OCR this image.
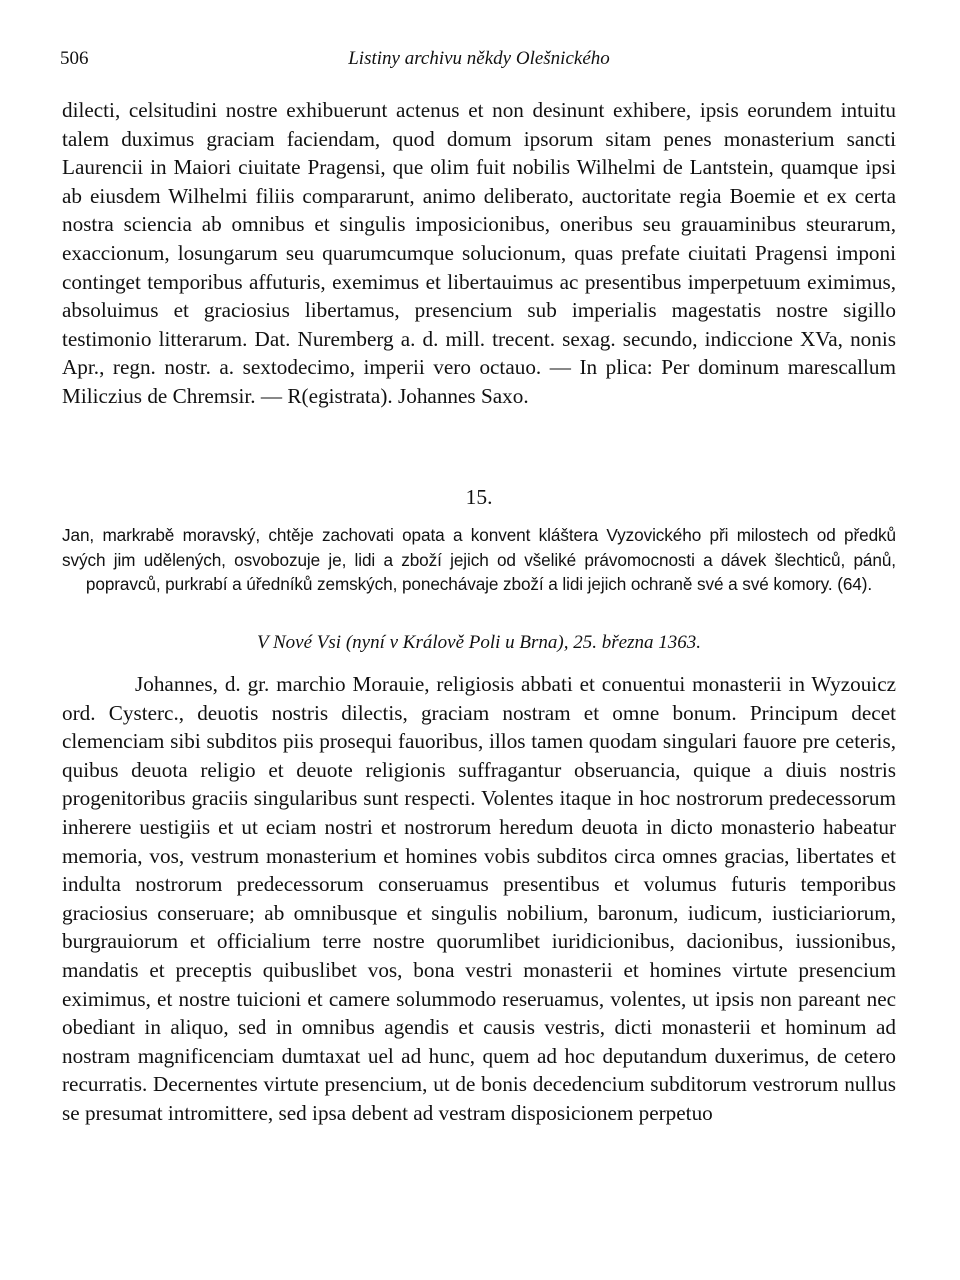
506	Listiny archivu někdy Olešnického

dilecti, celsitudini nostre exhibuerunt actenus et non desinunt exhibere, ipsis eorundem intuitu talem duximus graciam faciendam, quod domum ipsorum sitam penes monasterium sancti Laurencii in Maiori ciuitate Pragensi, que olim fuit nobilis Wilhelmi de Lantstein, quamque ipsi ab eiusdem Wilhelmi filiis compararunt, animo deliberato, auctoritate regia Boemie et ex certa nostra sciencia ab omnibus et singulis imposicionibus, oneribus seu grauaminibus steurarum, exaccionum, losungarum seu quarumcumque solucionum, quas prefate ciuitati Pragensi imponi continget temporibus affuturis, exemimus et libertauimus ac presentibus imperpetuum eximimus, absoluimus et graciosius libertamus, presencium sub imperialis magestatis nostre sigillo testimonio litterarum. Dat. Nuremberg a. d. mill. trecent. sexag. secundo, indiccione XVa, nonis Apr., regn. nostr. a. sextodecimo, imperii vero octauo. — In plica: Per dominum marescallum Miliczius de Chremsir. — R(egistrata). Johannes Saxo.

15.

Jan, markrabě moravský, chtěje zachovati opata a konvent kláštera Vyzovického při milostech od předků svých jim udělených, osvobozuje je, lidi a zboží jejich od všeliké právomocnosti a dávek šlechticů, pánů, popravců, purkrabí a úředníků zemských, ponechávaje zboží a lidi jejich ochraně své a své komory. (64).

V Nové Vsi (nyní v Králově Poli u Brna), 25. března 1363.

Johannes, d. gr. marchio Morauie, religiosis abbati et conuentui monasterii in Wyzouicz ord. Cysterc., deuotis nostris dilectis, graciam nostram et omne bonum. Principum decet clemenciam sibi subditos piis prosequi fauoribus, illos tamen quodam singulari fauore pre ceteris, quibus deuota religio et deuote religionis suffragantur obseruancia, quique a diuis nostris progenitoribus graciis singularibus sunt respecti. Volentes itaque in hoc nostrorum predecessorum inherere uestigiis et ut eciam nostri et nostrorum heredum deuota in dicto monasterio habeatur memoria, vos, vestrum monasterium et homines vobis subditos circa omnes gracias, libertates et indulta nostrorum predecessorum conseruamus presentibus et volumus futuris temporibus graciosius conseruare; ab omnibusque et singulis nobilium, baronum, iudicum, iusticiariorum, burgrauiorum et officialium terre nostre quorumlibet iuridicionibus, dacionibus, iussionibus, mandatis et preceptis quibuslibet vos, bona vestri monasterii et homines virtute presencium eximimus, et nostre tuicioni et camere solummodo reseruamus, volentes, ut ipsis non pareant nec obediant in aliquo, sed in omnibus agendis et causis vestris, dicti monasterii et hominum ad nostram magnificenciam dumtaxat uel ad hunc, quem ad hoc deputandum duxerimus, de cetero recurratis. Decernentes virtute presencium, ut de bonis decedencium subditorum vestrorum nullus se presumat intromittere, sed ipsa debent ad vestram disposicionem perpetuo
